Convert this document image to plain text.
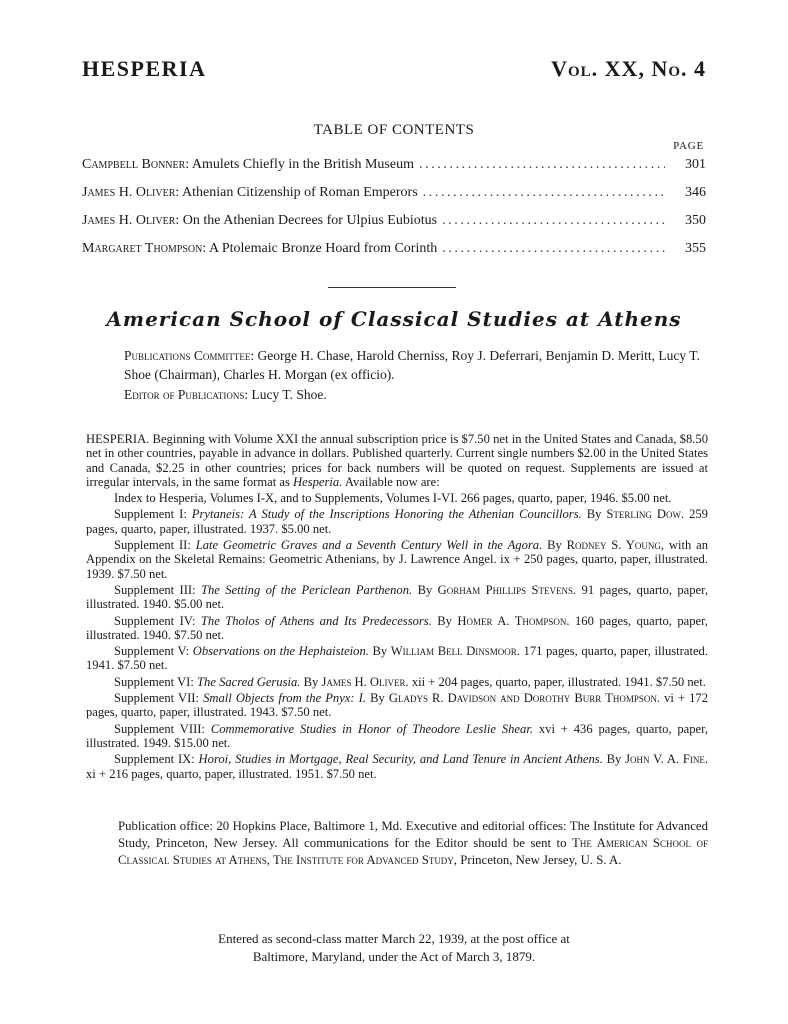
HESPERIA	Vol. XX, No. 4
TABLE OF CONTENTS
PAGE
Campbell Bonner: Amulets Chiefly in the British Museum .....	301
James H. Oliver: Athenian Citizenship of Roman Emperors .....	346
James H. Oliver: On the Athenian Decrees for Ulpius Eubiotus .....	350
Margaret Thompson: A Ptolemaic Bronze Hoard from Corinth .....	355
American School of Classical Studies at Athens
Publications Committee: George H. Chase, Harold Cherniss, Roy J. Deferrari, Benjamin D. Meritt, Lucy T. Shoe (Chairman), Charles H. Morgan (ex officio).
Editor of Publications: Lucy T. Shoe.

HESPERIA. Beginning with Volume XXI the annual subscription price is $7.50 net in the United States and Canada, $8.50 net in other countries, payable in advance in dollars. Published quarterly. Current single numbers $2.00 in the United States and Canada, $2.25 in other countries; prices for back numbers will be quoted on request. Supplements are issued at irregular intervals, in the same format as Hesperia. Available now are:

Index to Hesperia, Volumes I-X, and to Supplements, Volumes I-VI. 266 pages, quarto, paper, 1946. $5.00 net.

Supplement I: Prytaneis: A Study of the Inscriptions Honoring the Athenian Councillors. By Sterling Dow. 259 pages, quarto, paper, illustrated. 1937. $5.00 net.

Supplement II: Late Geometric Graves and a Seventh Century Well in the Agora. By Rodney S. Young, with an Appendix on the Skeletal Remains: Geometric Athenians, by J. Lawrence Angel. ix + 250 pages, quarto, paper, illustrated. 1939. $7.50 net.

Supplement III: The Setting of the Periclean Parthenon. By Gorham Phillips Stevens. 91 pages, quarto, paper, illustrated. 1940. $5.00 net.

Supplement IV: The Tholos of Athens and Its Predecessors. By Homer A. Thompson. 160 pages, quarto, paper, illustrated. 1940. $7.50 net.

Supplement V: Observations on the Hephaisteion. By William Bell Dinsmoor. 171 pages, quarto, paper, illustrated. 1941. $7.50 net.

Supplement VI: The Sacred Gerusia. By James H. Oliver. xii + 204 pages, quarto, paper, illustrated. 1941. $7.50 net.

Supplement VII: Small Objects from the Pnyx: I. By Gladys R. Davidson and Dorothy Burr Thompson. vi + 172 pages, quarto, paper, illustrated. 1943. $7.50 net.

Supplement VIII: Commemorative Studies in Honor of Theodore Leslie Shear. xvi + 436 pages, quarto, paper, illustrated. 1949. $15.00 net.

Supplement IX: Horoi, Studies in Mortgage, Real Security, and Land Tenure in Ancient Athens. By John V. A. Fine. xi + 216 pages, quarto, paper, illustrated. 1951. $7.50 net.

Publication office: 20 Hopkins Place, Baltimore 1, Md. Executive and editorial offices: The Institute for Advanced Study, Princeton, New Jersey. All communications for the Editor should be sent to The American School of Classical Studies at Athens, The Institute for Advanced Study, Princeton, New Jersey, U. S. A.
Entered as second-class matter March 22, 1939, at the post office at
Baltimore, Maryland, under the Act of March 3, 1879.
